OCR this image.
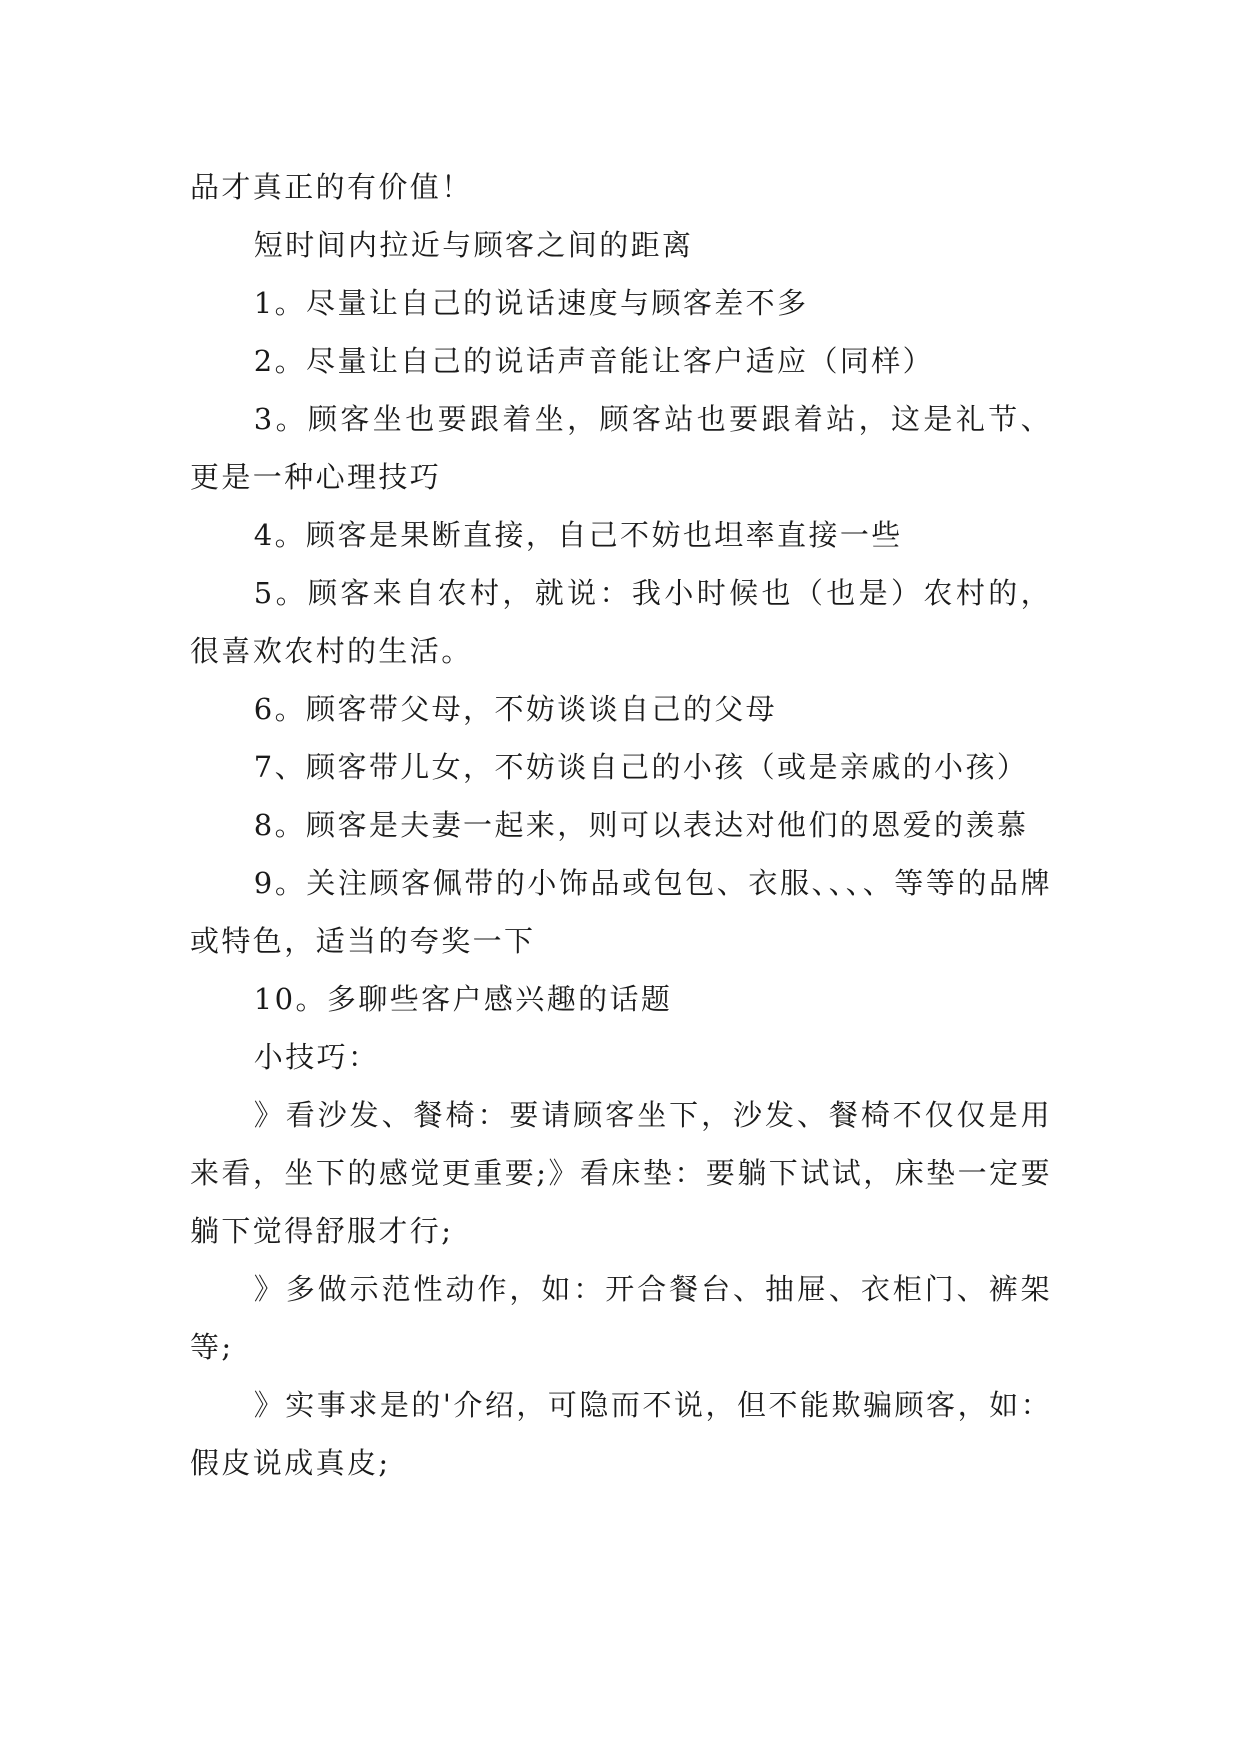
品才真正的有价值！

短时间内拉近与顾客之间的距离

1。尽量让自己的说话速度与顾客差不多

2。尽量让自己的说话声音能让客户适应（同样）

3。顾客坐也要跟着坐，顾客站也要跟着站，这是礼节、更是一种心理技巧

4。顾客是果断直接，自己不妨也坦率直接一些

5。顾客来自农村，就说：我小时候也（也是）农村的，很喜欢农村的生活。

6。顾客带父母，不妨谈谈自己的父母

7、顾客带儿女，不妨谈自己的小孩（或是亲戚的小孩）

8。顾客是夫妻一起来，则可以表达对他们的恩爱的羡慕

9。关注顾客佩带的小饰品或包包、衣服、、、、等等的品牌或特色，适当的夸奖一下

10。多聊些客户感兴趣的话题

小技巧：

》看沙发、餐椅：要请顾客坐下，沙发、餐椅不仅仅是用来看，坐下的感觉更重要;》看床垫：要躺下试试，床垫一定要躺下觉得舒服才行;

》多做示范性动作，如：开合餐台、抽屉、衣柜门、裤架等;

》实事求是的'介绍，可隐而不说，但不能欺骗顾客，如：假皮说成真皮;
